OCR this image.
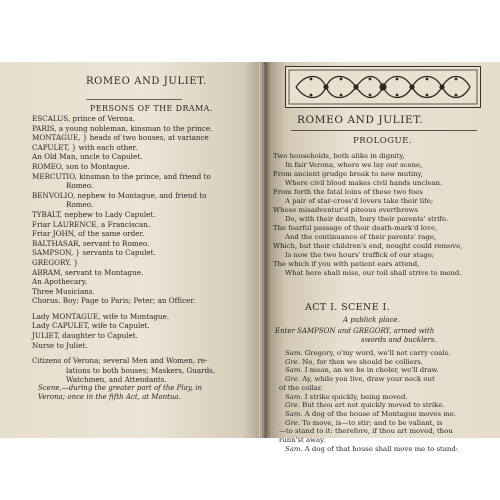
ROMEO AND JULIET.
PERSONS OF THE DRAMA.
ESCALUS, prince of Verona.
PARIS, a young nobleman, kinsman to the prince.
MONTAGUE, } heads of two houses, at variance
CAPULET, } with each other.
An Old Man, uncle to Capulet.
ROMEO, son to Montague.
MERCUTIO, kinsman to the prince, and friend to
Romeo.
BENVOLIO, nephew to Montague, and friend to
Romeo.
TYBALT, nephew to Lady Capulet.
Friar LAURENCE, a Franciscan.
Friar JOHN, of the same order.
BALTHASAR, servant to Romeo.
SAMPSON, } servants to Capulet.
GREGORY, }
ABRAM, servant to Montague.
An Apothecary.
Three Musicians.
Chorus. Boy; Page to Paris; Peter; an Officer.
Lady MONTAGUE, wife to Montague.
Lady CAPULET, wife to Capulet.
JULIET, daughter to Capulet.
Nurse to Juliet.
Citizens of Verona; several Men and Women, re-
lations to both houses; Maskers, Guards,
Watchmen, and Attendants.
Scene,—during the greater part of the Play, in
Verona; once in the fifth Act, at Mantua.
ROMEO AND JULIET.
PROLOGUE.
Two households, both alike in dignity,
In fair Verona, where we lay our scene,
From ancient grudge break to new mutiny,
Where civil blood makes civil hands unclean.
From forth the fatal loins of these two foes
A pair of star-cross'd lovers take their life;
Whose misadventur'd piteous overthrows
Do, with their death, bury their parents' strife.
The fearful passage of their death-mark'd love,
And the continuance of their parents' rage,
Which, but their children's end, nought could remove,
Is now the two hours' traffick of our stage;
The which if you with patient ears attend,
What here shall miss, our toil shall strive to mend.
ACT I. SCENE I.
A publick place.
Enter SAMPSON and GREGORY, armed with
swords and bucklers.
Sam. Gregory, o'my word, we'll not carry coals.
Gre. No, for then we should be colliers.
Sam. I mean, an we be in choler, we'll draw.
Gre. Ay, while you live, draw your neck out
of the collar.
Sam. I strike quickly, being moved.
Gre. But thou art not quickly moved to strike.
Sam. A dog of the house of Montague moves me.
Gre. To move, is—to stir; and to be valiant, is
—to stand to it: therefore, if thou art moved, thou
runn'st away.
Sam. A dog of that house shall move me to stand:
